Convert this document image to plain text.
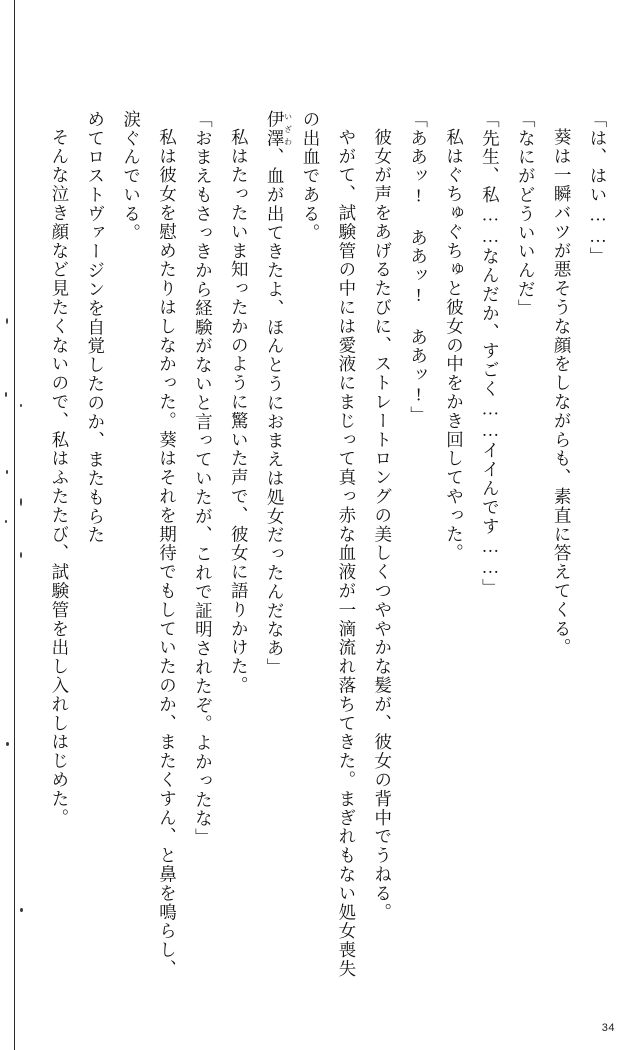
「は、はい……」

葵は一瞬バツが悪そうな顔をしながらも、素直に答えてくる。

「なにがどういいんだ」

「先生、私……なんだか、すごく……イイんです……」

私はぐちゅぐちゅと彼女の中をかき回してやった。

「ああッ! ああッ! ああッ!」

彼女が声をあげるたびに、ストレートロングの美しくつややかな髪が、彼女の背中でうねる。

やがて、試験管の中には愛液にまじって真っ赤な血液が一滴流れ落ちてきた。まぎれもない処女喪失の出血である。

伊澤いざわ、血が出てきたよ、ほんとうにおまえは処女だったんだなあ」

私はたったいま知ったかのように驚いた声で、彼女に語りかけた。

「おまえもさっきから経験がないと言っていたが、これで証明されたぞ。よかったな」

私は彼女を慰めたりはしなかった。葵はそれを期待でもしていたのか、またくすん、と鼻を鳴らし、涙ぐんでいる。

めてロストヴァージンを自覚したのか、またもらた

そんな泣き顔など見たくないので、私はふたたび、試験管を出し入れしはじめた。

34
